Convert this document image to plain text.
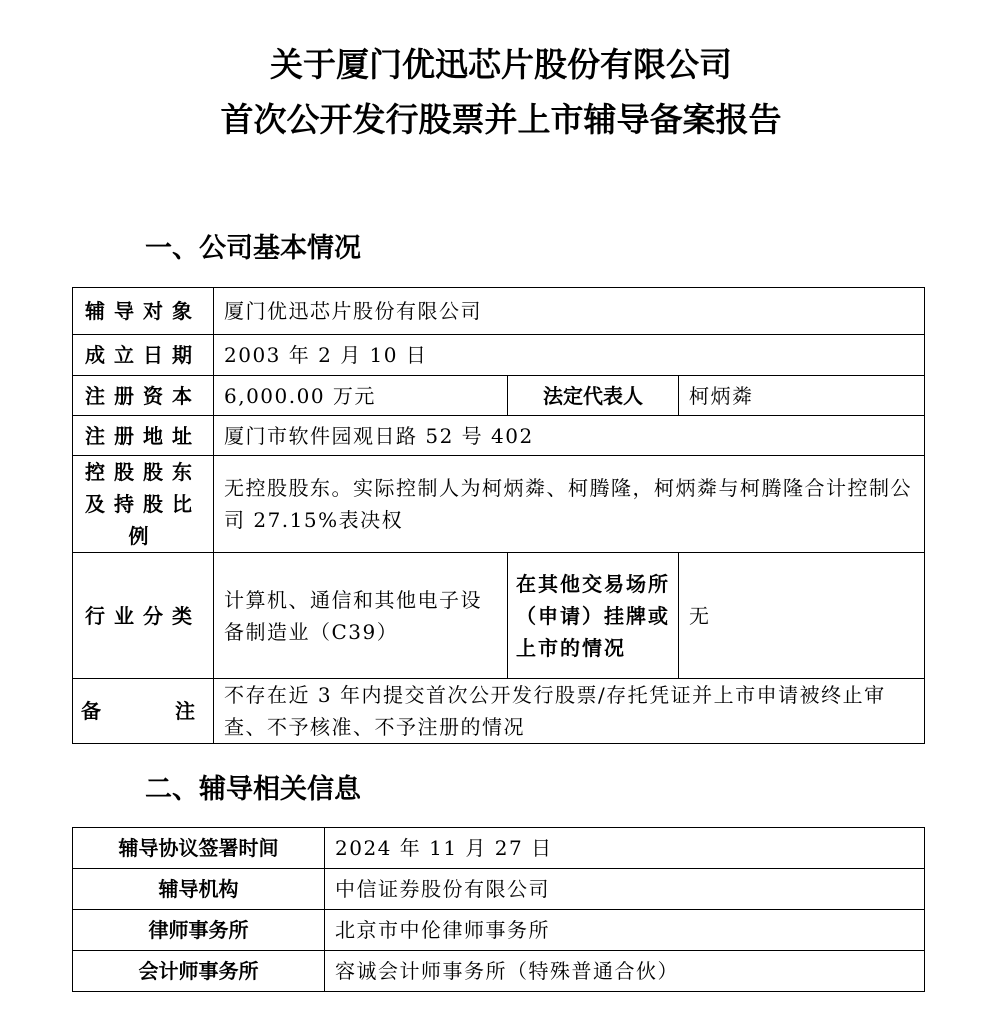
关于厦门优迅芯片股份有限公司
首次公开发行股票并上市辅导备案报告
一、公司基本情况
辅导对象	厦门优迅芯片股份有限公司		
成立日期	2003 年 2 月 10 日		
注册资本	6,000.00 万元	法定代表人	柯炳粦
注册地址	厦门市软件园观日路 52 号 402		
控股股东及持股比例	无控股股东。实际控制人为柯炳粦、柯腾隆，柯炳粦与柯腾隆合计控制公司 27.15%表决权		
行业分类	计算机、通信和其他电子设备制造业（C39）	在其他交易场所（申请）挂牌或上市的情况	无

备 注	不存在近 3 年内提交首次公开发行股票/存托凭证并上市申请被终止审查、不予核准、不予注册的情况		
二、辅导相关信息
辅导协议签署时间	2024 年 11 月 27 日
辅导机构	中信证券股份有限公司
律师事务所	北京市中伦律师事务所
会计师事务所	容诚会计师事务所（特殊普通合伙）
